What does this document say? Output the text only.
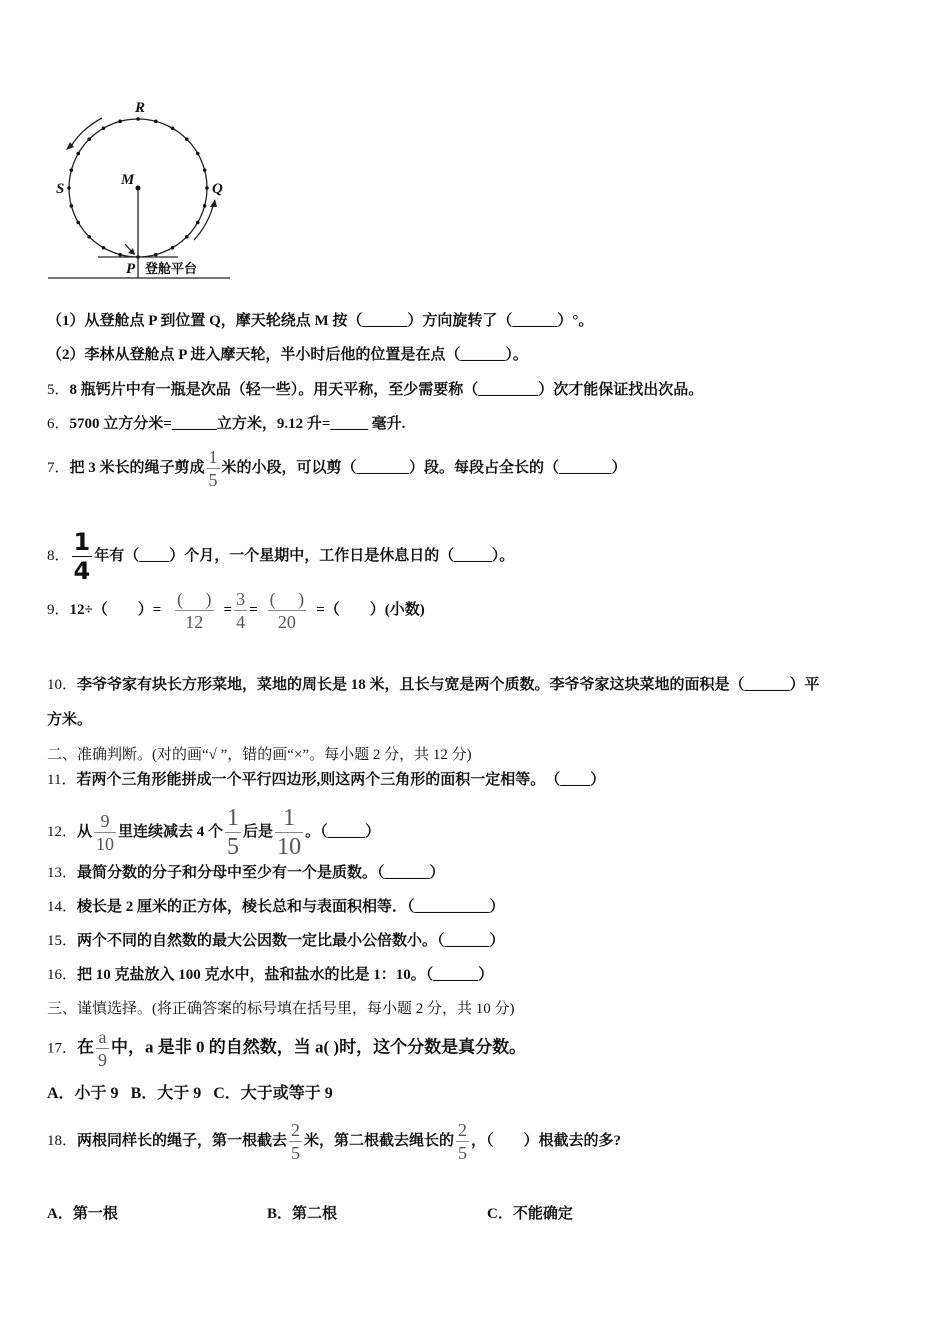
R
M
S	Q
P 登舱平台
（1）从登舱点 P 到位置 Q，摩天轮绕点 M 按（______）方向旋转了（______）°。
（2）李林从登舱点 P 进入摩天轮，半小时后他的位置是在点（______）。
5．8 瓶钙片中有一瓶是次品（轻一些）。用天平称，至少需要称（________）次才能保证找出次品。
6．5700 立方分米=______立方米，9.12 升=_____ 毫升.
7．把 3 米长的绳子剪成 $\frac{1}{5}$ 米的小段，可以剪（_______）段。每段占全长的（_______）
8． $\frac{1}{4}$ 年有（____）个月，一个星期中，工作日是休息日的（_____）。
9．12÷（　　）= $\frac{( )}{12} = \frac{3}{4} = \frac{( )}{20}$ =（　　）(小数)
10．李爷爷家有块长方形菜地，菜地的周长是 18 米，且长与宽是两个质数。李爷爷家这块菜地的面积是（______）平
方米。
二、准确判断。(对的画“√ ”，错的画“×”。每小题 2 分，共 12 分)
11．若两个三角形能拼成一个平行四边形,则这两个三角形的面积一定相等。　（____）
12．从 $\frac{9}{10}$ 里连续减去 4 个 $\frac{1}{5}$ 后是 $\frac{1}{10}$ 。（_____）
13．最简分数的分子和分母中至少有一个是质数。（______）
14．棱长是 2 厘米的正方体，棱长总和与表面积相等．（__________）
15．两个不同的自然数的最大公因数一定比最小公倍数小。（______）
16．把 10 克盐放入 100 克水中，盐和盐水的比是 1：10。（______）
三、谨慎选择。(将正确答案的标号填在括号里，每小题 2 分，共 10 分)
17．在 $\frac{a}{9}$ 中，a 是非 0 的自然数，当 a( )时，这个分数是真分数。
A．小于 9 B．大于 9 C．大于或等于 9
18．两根同样长的绳子，第一根截去 $\frac{2}{5}$ 米，第二根截去绳长的 $\frac{2}{5}$ ，（　　）根截去的多?
A．第一根	B．第二根	C．不能确定
